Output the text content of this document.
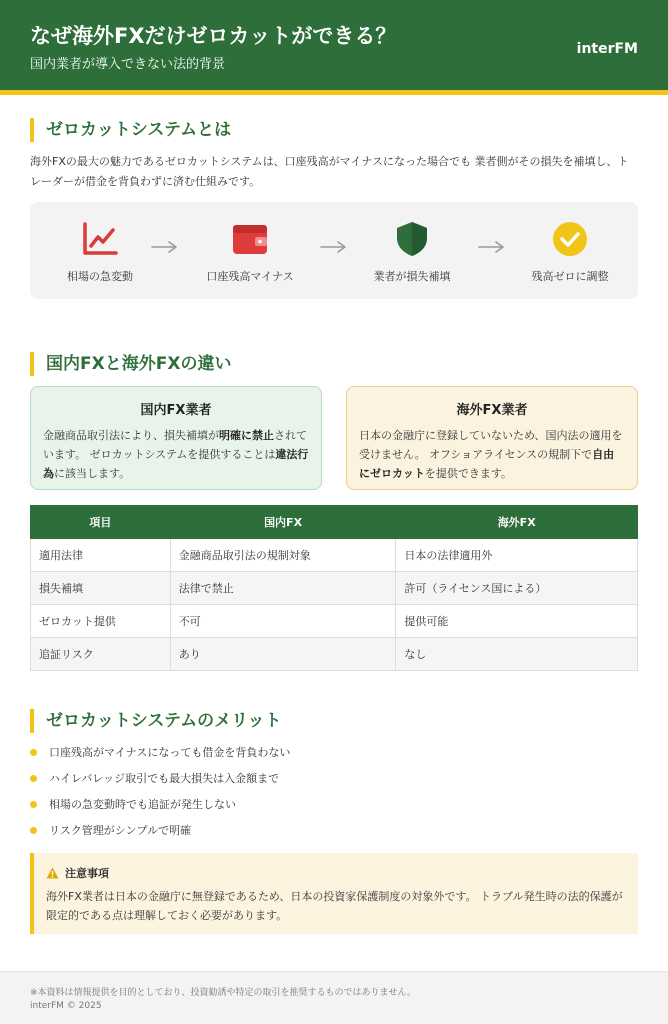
なぜ海外FXだけゼロカットができる？
国内業者が導入できない法的背景
interFM
ゼロカットシステムとは

海外FXの最大の魅力であるゼロカットシステムは、口座残高がマイナスになった場合でも 業者側がその損失を補填し、トレーダーが借金を背負わずに済む仕組みです。

相場の急変動	口座残高マイナス	業者が損失補填	残高ゼロに調整
国内FXと海外FXの違い
国内FX業者

金融商品取引法により、損失補填が明確に禁止されています。 ゼロカットシステムを提供することは違法行為に該当します。

海外FX業者

日本の金融庁に登録していないため、国内法の適用を受けません。 オフショアライセンスの規制下で自由にゼロカットを提供できます。

項目	国内FX	海外FX
適用法律	金融商品取引法の規制対象	日本の法律適用外
損失補填	法律で禁止	許可（ライセンス国による）
ゼロカット提供	不可	提供可能
追証リスク	あり	なし
ゼロカットシステムのメリット
口座残高がマイナスになっても借金を背負わない
ハイレバレッジ取引でも最大損失は入金額まで
相場の急変動時でも追証が発生しない
リスク管理がシンプルで明確
注意事項

海外FX業者は日本の金融庁に無登録であるため、日本の投資家保護制度の対象外です。 トラブル発生時の法的保護が限定的である点は理解しておく必要があります。

※本資料は情報提供を目的としており、投資勧誘や特定の取引を推奨するものではありません。
interFM © 2025
